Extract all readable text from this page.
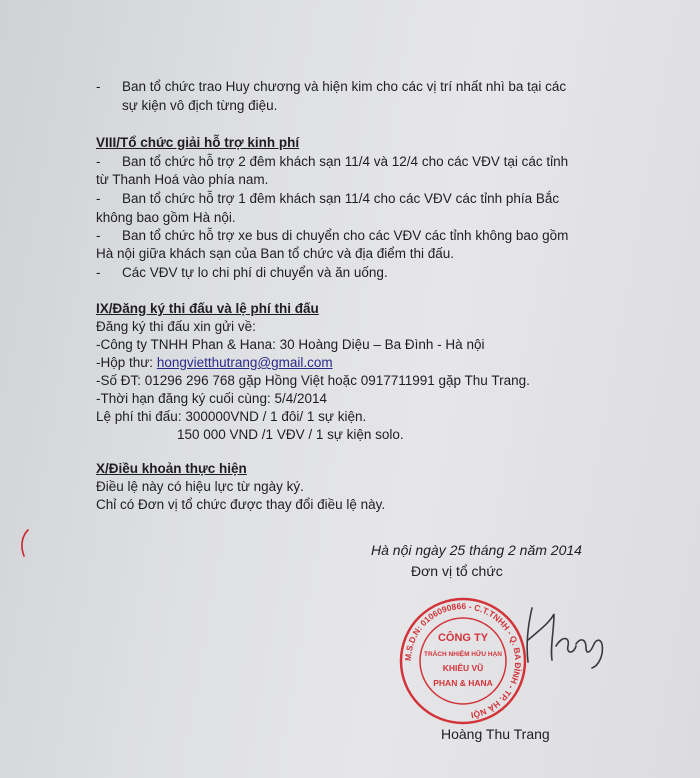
- Ban tổ chức trao Huy chương và hiện kim cho các vị trí nhất nhì ba tại các
sự kiện vô địch từng điệu.
VIII/Tổ chức giải hỗ trợ kinh phí
- Ban tổ chức hỗ trợ 2 đêm khách sạn 11/4 và 12/4 cho các VĐV tại các tỉnh
từ Thanh Hoá vào phía nam.
- Ban tổ chức hỗ trợ 1 đêm khách sạn 11/4 cho các VĐV các tỉnh phía Bắc
không bao gồm Hà nội.
- Ban tổ chức hỗ trợ xe bus di chuyển cho các VĐV các tỉnh không bao gồm
Hà nội giữa khách sạn của Ban tổ chức và địa điểm thi đấu.
- Các VĐV tự lo chi phí di chuyển và ăn uống.
IX/Đăng ký thi đấu và lệ phí thi đấu
Đăng ký thi đấu xin gửi về:
-Công ty TNHH Phan & Hana: 30 Hoàng Diệu – Ba Đình - Hà nội
-Hộp thư: hongvietthutrang@gmail.com
-Số ĐT: 01296 296 768 gặp Hồng Việt hoặc 0917711991 gặp Thu Trang.
-Thời hạn đăng ký cuối cùng: 5/4/2014
Lệ phí thi đấu: 300000VND / 1 đôi/ 1 sự kiện.
150 000 VND /1 VĐV / 1 sự kiện solo.
X/Điều khoản thực hiện
Điều lệ này có hiệu lực từ ngày ký.
Chỉ có Đơn vị tổ chức được thay đổi điều lệ này.
Hà nội ngày 25 tháng 2 năm 2014
Đơn vị tổ chức
M.S.D.N: 0106090866 - C.T.TNHH - Q. BA ĐÌNH - TP. HÀ NỘI
CÔNG TY
TRÁCH NHIỆM HỮU HẠN
KHIÊU VŨ
PHAN & HANA
Hoàng Thu Trang
